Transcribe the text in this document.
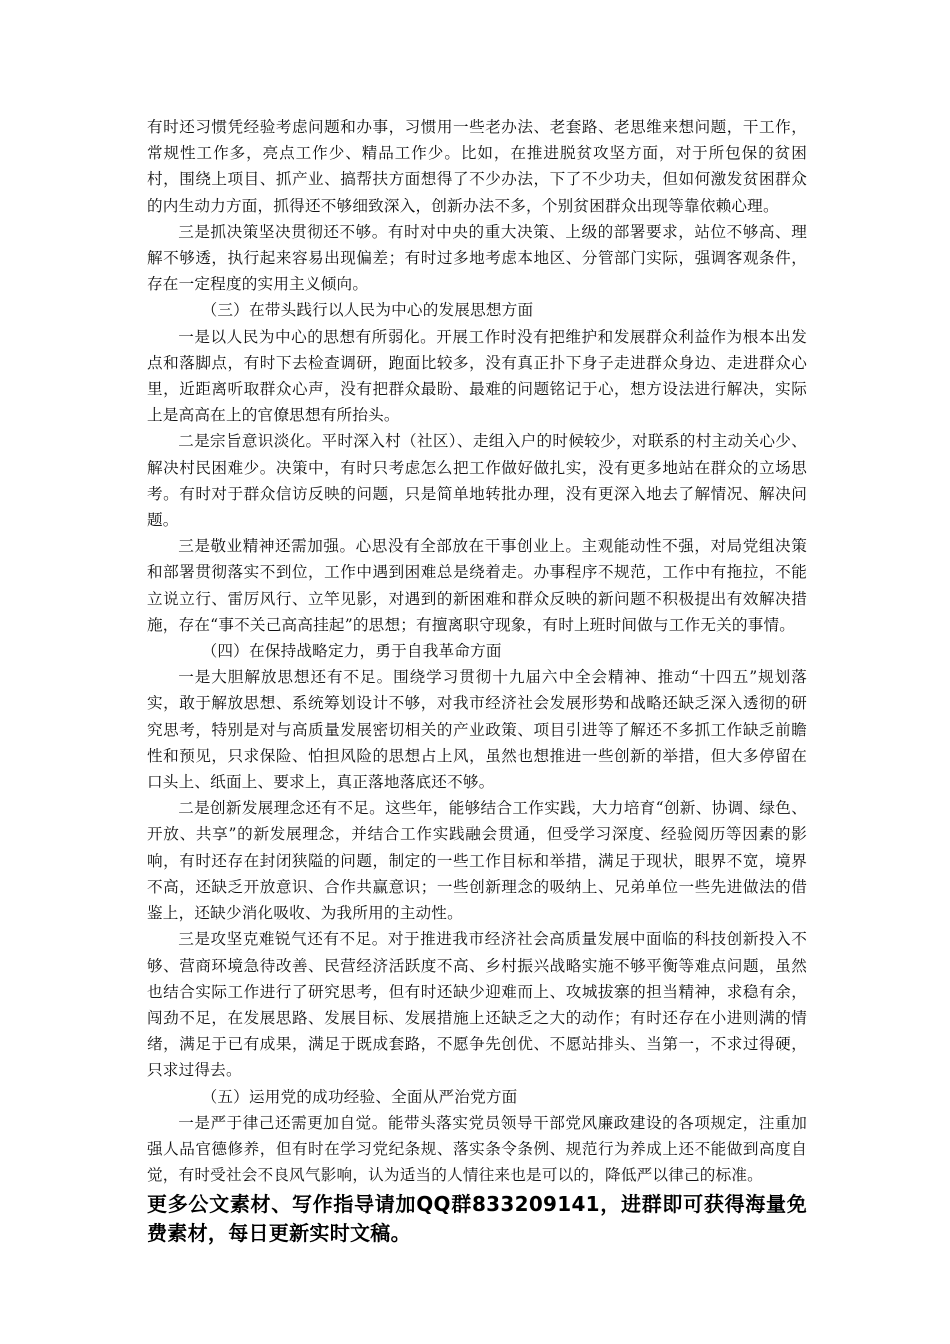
有时还习惯凭经验考虑问题和办事，习惯用一些老办法、老套路、老思维来想问题，干工作，常规性工作多，亮点工作少、精品工作少。比如，在推进脱贫攻坚方面，对于所包保的贫困村，围绕上项目、抓产业、搞帮扶方面想得了不少办法，下了不少功夫，但如何激发贫困群众的内生动力方面，抓得还不够细致深入，创新办法不多，个别贫困群众出现等靠依赖心理。

三是抓决策坚决贯彻还不够。有时对中央的重大决策、上级的部署要求，站位不够高、理解不够透，执行起来容易出现偏差；有时过多地考虑本地区、分管部门实际，强调客观条件，存在一定程度的实用主义倾向。

（三）在带头践行以人民为中心的发展思想方面

一是以人民为中心的思想有所弱化。开展工作时没有把维护和发展群众利益作为根本出发点和落脚点，有时下去检查调研，跑面比较多，没有真正扑下身子走进群众身边、走进群众心里，近距离听取群众心声，没有把群众最盼、最难的问题铭记于心，想方设法进行解决，实际上是高高在上的官僚思想有所抬头。

二是宗旨意识淡化。平时深入村（社区）、走组入户的时候较少，对联系的村主动关心少、解决村民困难少。决策中，有时只考虑怎么把工作做好做扎实，没有更多地站在群众的立场思考。有时对于群众信访反映的问题，只是简单地转批办理，没有更深入地去了解情况、解决问题。

三是敬业精神还需加强。心思没有全部放在干事创业上。主观能动性不强，对局党组决策和部署贯彻落实不到位，工作中遇到困难总是绕着走。办事程序不规范，工作中有拖拉，不能立说立行、雷厉风行、立竿见影，对遇到的新困难和群众反映的新问题不积极提出有效解决措施，存在“事不关己高高挂起”的思想；有擅离职守现象，有时上班时间做与工作无关的事情。

（四）在保持战略定力，勇于自我革命方面

一是大胆解放思想还有不足。围绕学习贯彻十九届六中全会精神、推动“十四五”规划落实，敢于解放思想、系统筹划设计不够，对我市经济社会发展形势和战略还缺乏深入透彻的研究思考，特别是对与高质量发展密切相关的产业政策、项目引进等了解还不多抓工作缺乏前瞻性和预见，只求保险、怕担风险的思想占上风，虽然也想推进一些创新的举措，但大多停留在口头上、纸面上、要求上，真正落地落底还不够。

二是创新发展理念还有不足。这些年，能够结合工作实践，大力培育“创新、协调、绿色、开放、共享”的新发展理念，并结合工作实践融会贯通，但受学习深度、经验阅历等因素的影响，有时还存在封闭狭隘的问题，制定的一些工作目标和举措，满足于现状，眼界不宽，境界不高，还缺乏开放意识、合作共赢意识；一些创新理念的吸纳上、兄弟单位一些先进做法的借鉴上，还缺少消化吸收、为我所用的主动性。

三是攻坚克难锐气还有不足。对于推进我市经济社会高质量发展中面临的科技创新投入不够、营商环境急待改善、民营经济活跃度不高、乡村振兴战略实施不够平衡等难点问题，虽然也结合实际工作进行了研究思考，但有时还缺少迎难而上、攻城拔寨的担当精神，求稳有余，闯劲不足，在发展思路、发展目标、发展措施上还缺乏之大的动作；有时还存在小进则满的情绪，满足于已有成果，满足于既成套路，不愿争先创优、不愿站排头、当第一，不求过得硬，只求过得去。

（五）运用党的成功经验、全面从严治党方面

一是严于律己还需更加自觉。能带头落实党员领导干部党风廉政建设的各项规定，注重加强人品官德修养，但有时在学习党纪条规、落实条令条例、规范行为养成上还不能做到高度自觉，有时受社会不良风气影响，认为适当的人情往来也是可以的，降低严以律己的标准。

更多公文素材、写作指导请加QQ群833209141，进群即可获得海量免费素材，每日更新实时文稿。
